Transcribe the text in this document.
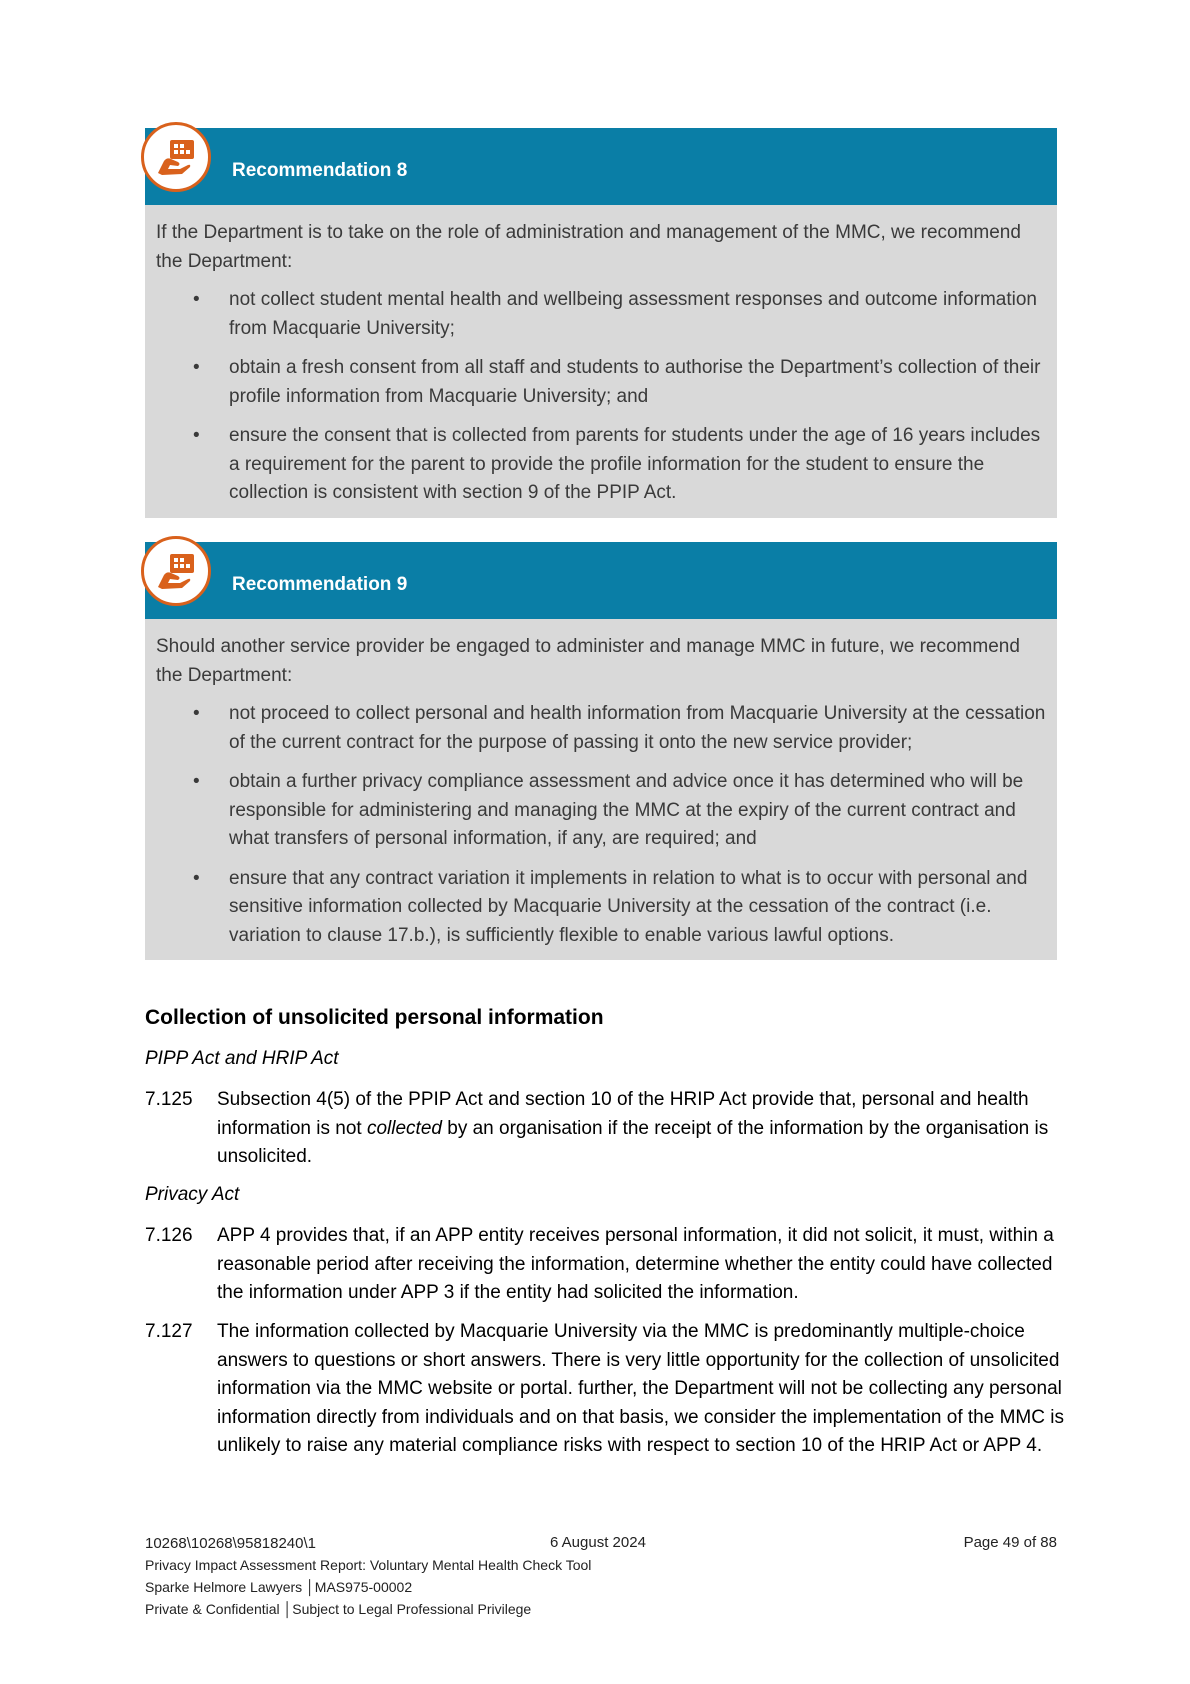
Recommendation 8

If the Department is to take on the role of administration and management of the MMC, we recommend the Department:

• not collect student mental health and wellbeing assessment responses and outcome information from Macquarie University;
• obtain a fresh consent from all staff and students to authorise the Department’s collection of their profile information from Macquarie University; and
• ensure the consent that is collected from parents for students under the age of 16 years includes a requirement for the parent to provide the profile information for the student to ensure the collection is consistent with section 9 of the PPIP Act.
Recommendation 9

Should another service provider be engaged to administer and manage MMC in future, we recommend the Department:

• not proceed to collect personal and health information from Macquarie University at the cessation of the current contract for the purpose of passing it onto the new service provider;
• obtain a further privacy compliance assessment and advice once it has determined who will be responsible for administering and managing the MMC at the expiry of the current contract and what transfers of personal information, if any, are required; and
• ensure that any contract variation it implements in relation to what is to occur with personal and sensitive information collected by Macquarie University at the cessation of the contract (i.e. variation to clause 17.b.), is sufficiently flexible to enable various lawful options.
Collection of unsolicited personal information
PIPP Act and HRIP Act
7.125 Subsection 4(5) of the PPIP Act and section 10 of the HRIP Act provide that, personal and health information is not collected by an organisation if the receipt of the information by the organisation is unsolicited.
Privacy Act
7.126 APP 4 provides that, if an APP entity receives personal information, it did not solicit, it must, within a reasonable period after receiving the information, determine whether the entity could have collected the information under APP 3 if the entity had solicited the information.
7.127 The information collected by Macquarie University via the MMC is predominantly multiple-choice answers to questions or short answers. There is very little opportunity for the collection of unsolicited information via the MMC website or portal. further, the Department will not be collecting any personal information directly from individuals and on that basis, we consider the implementation of the MMC is unlikely to raise any material compliance risks with respect to section 10 of the HRIP Act or APP 4.
10268\10268\95818240\1	6 August 2024	Page 49 of 88
Privacy Impact Assessment Report: Voluntary Mental Health Check Tool
Sparke Helmore Lawyers │MAS975-00002
Private & Confidential │Subject to Legal Professional Privilege
